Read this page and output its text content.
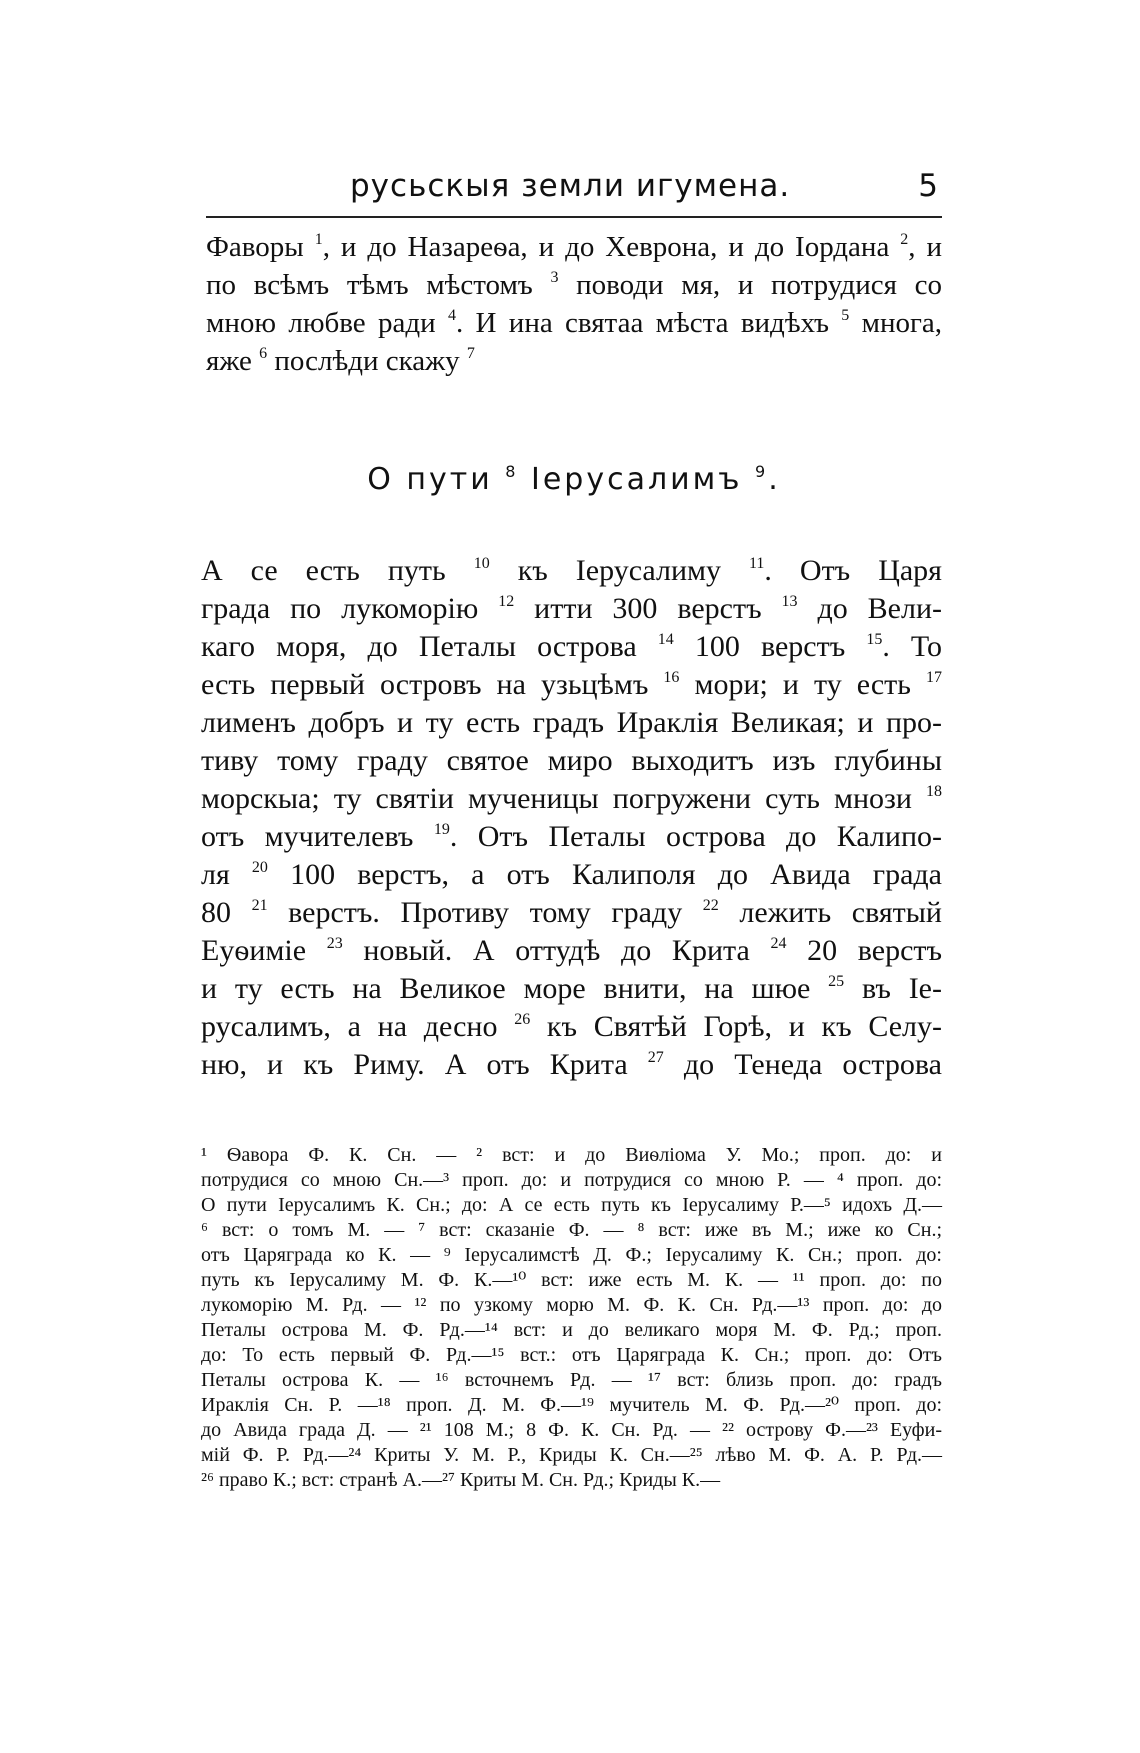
русьскыя земли игумена.	5
Фаворы $^1$, и до Назареѳа, и до Хеврона, и до Іордана $^2$, и
по всѣмъ тѣмъ мѣстомъ $^3$ поводи мя, и потрудися со
мною любве ради $^4$. И ина святаа мѣста видѣхъ $^5$ многа,
яже $^6$ послѣди скажу $^7$
О пути $^8$ Іерусалимъ $^9$.
А се есть путь $^{10}$ къ Іерусалиму $^{11}$. Отъ Царя
града по лукоморію $^{12}$ итти 300 верстъ $^{13}$ до Вели-
каго моря, до Петалы острова $^{14}$ 100 верстъ $^{15}$. То
есть первый островъ на узьцѣмъ $^{16}$ мори; и ту есть $^{17}$
лименъ добръ и ту есть градъ Ираклія Великая; и про-
тиву тому граду святое миро выходитъ изъ глубины
морскыа; ту святіи мученицы погружени суть мнози $^{18}$
отъ мучителевъ $^{19}$. Отъ Петалы острова до Калипо-
ля $^{20}$ 100 верстъ, а отъ Калиполя до Авида града
80 $^{21}$ верстъ. Противу тому граду $^{22}$ лежить святый
Еуѳиміе $^{23}$ новый. А оттудѣ до Крита $^{24}$ 20 верстъ
и ту есть на Великое море внити, на шюе $^{25}$ въ Іе-
русалимъ, а на десно $^{26}$ къ Святѣй Горѣ, и къ Селу-
ню, и къ Риму. А отъ Крита $^{27}$ до Тенеда острова
¹ Ѳавора Ф. К. Сн. — ² вст: и до Виѳліома У. Мо.; проп. до: и
потрудися со мною Сн.—³ проп. до: и потрудися со мною Р. — ⁴ проп. до:
О пути Іерусалимъ К. Сн.; до: А се есть путь къ Іерусалиму Р.—⁵ идохъ Д.—
⁶ вст: о томъ М. — ⁷ вст: сказаніе Ф. — ⁸ вст: иже въ М.; иже ко Сн.;
отъ Царяграда ко К. — ⁹ Іерусалимстѣ Д. Ф.; Іерусалиму К. Сн.; проп. до:
путь къ Іерусалиму М. Ф. К.—¹⁰ вст: иже есть М. К. — ¹¹ проп. до: по
лукоморію М. Рд. — ¹² по узкому морю М. Ф. К. Сн. Рд.—¹³ проп. до: до
Петалы острова М. Ф. Рд.—¹⁴ вст: и до великаго моря М. Ф. Рд.; проп.
до: То есть первый Ф. Рд.—¹⁵ вст.: отъ Царяграда К. Сн.; проп. до: Отъ
Петалы острова К. — ¹⁶ всточнемъ Рд. — ¹⁷ вст: близь проп. до: градъ
Ираклія Сн. Р. —¹⁸ проп. Д. М. Ф.—¹⁹ мучитель М. Ф. Рд.—²⁰ проп. до:
до Авида града Д. — ²¹ 108 М.; 8 Ф. К. Сн. Рд. — ²² острову Ф.—²³ Еуфи-
мій Ф. Р. Рд.—²⁴ Криты У. М. Р., Криды К. Сн.—²⁵ лѣво М. Ф. А. Р. Рд.—
²⁶ право К.; вст: странѣ А.—²⁷ Криты М. Сн. Рд.; Криды К.—
